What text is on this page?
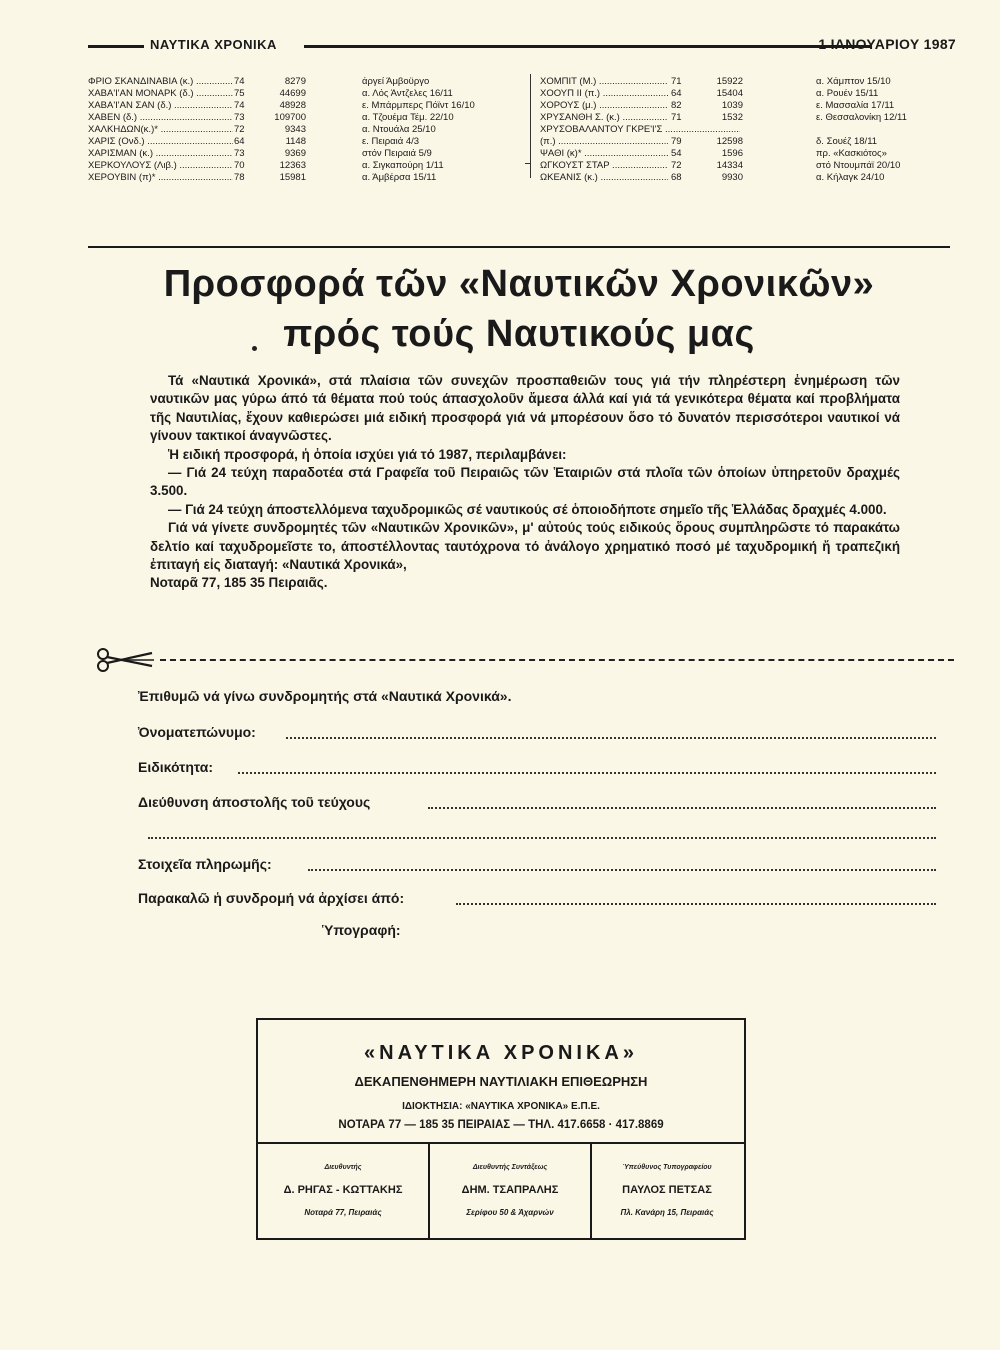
ΝΑΥΤΙΚΑ ΧΡΟΝΙΚΑ	1 ΙΑΝΟΥΑΡΙΟΥ 1987
ΦΡΙΟ ΣΚΑΝΔΙΝΑΒΙΑ (κ.) .....	74	8279	άργεί Άμβοϋργο
ΧΑΒΑ'Ι'ΑΝ ΜΟΝΑΡΚ (δ.) .....	75	44699	α. Λός Άντζελες 16/11
ΧΑΒΑ'Ι'ΑΝ ΣΑΝ (δ.) .....	74	48928	ε. Μπάρμπερς Πόϊντ 16/10
ΧΑΒΕΝ (δ.) .....	73	109700	α. Τζουέμα Τέμ. 22/10
ΧΑΛΚΗΔΩΝ(κ.)* .....	72	9343	α. Ντουάλα 25/10
ΧΑΡΙΣ (Ονδ.) .....	64	1148	ε. Πειραιά 4/3
ΧΑΡΙΣΜΑΝ (κ.) .....	73	9369	στόν Πειραιά 5/9
ΧΕΡΚΟΥΛΟΥΣ (Λιβ.) .....	70	12363	α. Σιγκαπούρη 1/11
ΧΕΡΟΥΒΙΝ (π)* .....	78	15981	α. Άμβέρσα 15/11
ΧΟΜΠΙΤ (Μ.) .....	71	15922	α. Χάμπτον 15/10
ΧΟΟΥΠ ΙΙ (π.) .....	64	15404	α. Ρουέν 15/11
ΧΟΡΟΥΣ (μ.) .....	82	1039	ε. Μασσαλία 17/11
ΧΡΥΣΑΝΘΗ Σ. (κ.) .....	71	1532	ε. Θεσσαλονίκη 12/11
ΧΡΥΣΟΒΑΛΑΝΤΟΥ ΓΚΡΕ'Ι'Σ .....
(π.) .....	79	12598	δ. Σουέζ 18/11
ΨΑΘΙ (κ)* .....	54	1596	πρ. «Κασκιότος»
ΩΓΚΟΥΣΤ ΣΤΑΡ .....	72	14334	στό Ντουμπάϊ 20/10
ΩΚΕΑΝΙΣ (κ.) .....	68	9930	α. Κήλαγκ 24/10
Προσφορά τῶν «Ναυτικῶν Χρονικῶν»
πρός τούς Ναυτικούς μας

Τά «Ναυτικά Χρονικά», στά πλαίσια τῶν συνεχῶν προσπαθειῶν τους γιά τήν πληρέστερη ἐνημέρωση τῶν ναυτικῶν μας γύρω άπό τά θέματα πού τούς άπασχολοῦν ἄμεσα άλλά καί γιά τά γενικότερα θέματα καί προβλήματα τῆς Ναυτιλίας, ἔχουν καθιερώσει μιά ειδική προσφορά γιά νά μπορέσουν ὅσο τό δυνατόν περισσότεροι ναυτικοί νά γίνουν τακτικοί άναγνῶστες.

Ἡ ειδική προσφορά, ἡ ὁποία ισχύει γιά τό 1987, περιλαμβάνει:

— Γιά 24 τεύχη παραδοτέα στά Γραφεῖα τοῦ Πειραιῶς τῶν Ἑταιριῶν στά πλοῖα τῶν ὁποίων ὑπηρετοῦν δραχμές 3.500.

— Γιά 24 τεύχη άποστελλόμενα ταχυδρομικῶς σέ ναυτικούς σέ ὁποιοδήποτε σημεῖο τῆς Ἑλλάδας δραχμές 4.000.

Γιά νά γίνετε συνδρομητές τῶν «Ναυτικῶν Χρονικῶν», μ' αὐτούς τούς ειδικούς ὅρους συμπληρῶστε τό παρακάτω δελτίο καί ταχυδρομεῖστε το, άποστέλλοντας ταυτόχρονα τό ἀνάλογο χρηματικό ποσό μέ ταχυδρομική ἤ τραπεζική ἐπιταγή εἰς διαταγή: «Ναυτικά Χρονικά»,

Νοταρᾶ 77, 185 35 Πειραιᾶς.

Ἐπιθυμῶ νά γίνω συνδρομητής στά «Ναυτικά Χρονικά».
Ὀνοματεπώνυμο:
Ειδικότητα:
Διεύθυνση άποστολῆς τοῦ τεύχους
Στοιχεῖα πληρωμῆς:
Παρακαλῶ ἡ συνδρομή νά ἀρχίσει άπό:
Ὑπογραφή:
«ΝΑΥΤΙΚΑ ΧΡΟΝΙΚΑ»
ΔΕΚΑΠΕΝΘΗΜΕΡΗ ΝΑΥΤΙΛΙΑΚΗ ΕΠΙΘΕΩΡΗΣΗ
ΙΔΙΟΚΤΗΣΙΑ: «ΝΑΥΤΙΚΑ ΧΡΟΝΙΚΑ» Ε.Π.Ε.
ΝΟΤΑΡΑ 77 — 185 35 ΠΕΙΡΑΙΑΣ — ΤΗΛ. 417.6658 · 417.8869
Διευθυντής
Δ. ΡΗΓΑΣ - ΚΩΤΤΑΚΗΣ
Νοταρά 77, Πειραιάς
Διευθυντής Συντάξεως
ΔΗΜ. ΤΣΑΠΡΑΛΗΣ
Σερίφου 50 & Άχαρνών
Ύπεύθυνος Τυπογραφείου
ΠΑΥΛΟΣ ΠΕΤΣΑΣ
Πλ. Κανάρη 15, Πειραιάς
